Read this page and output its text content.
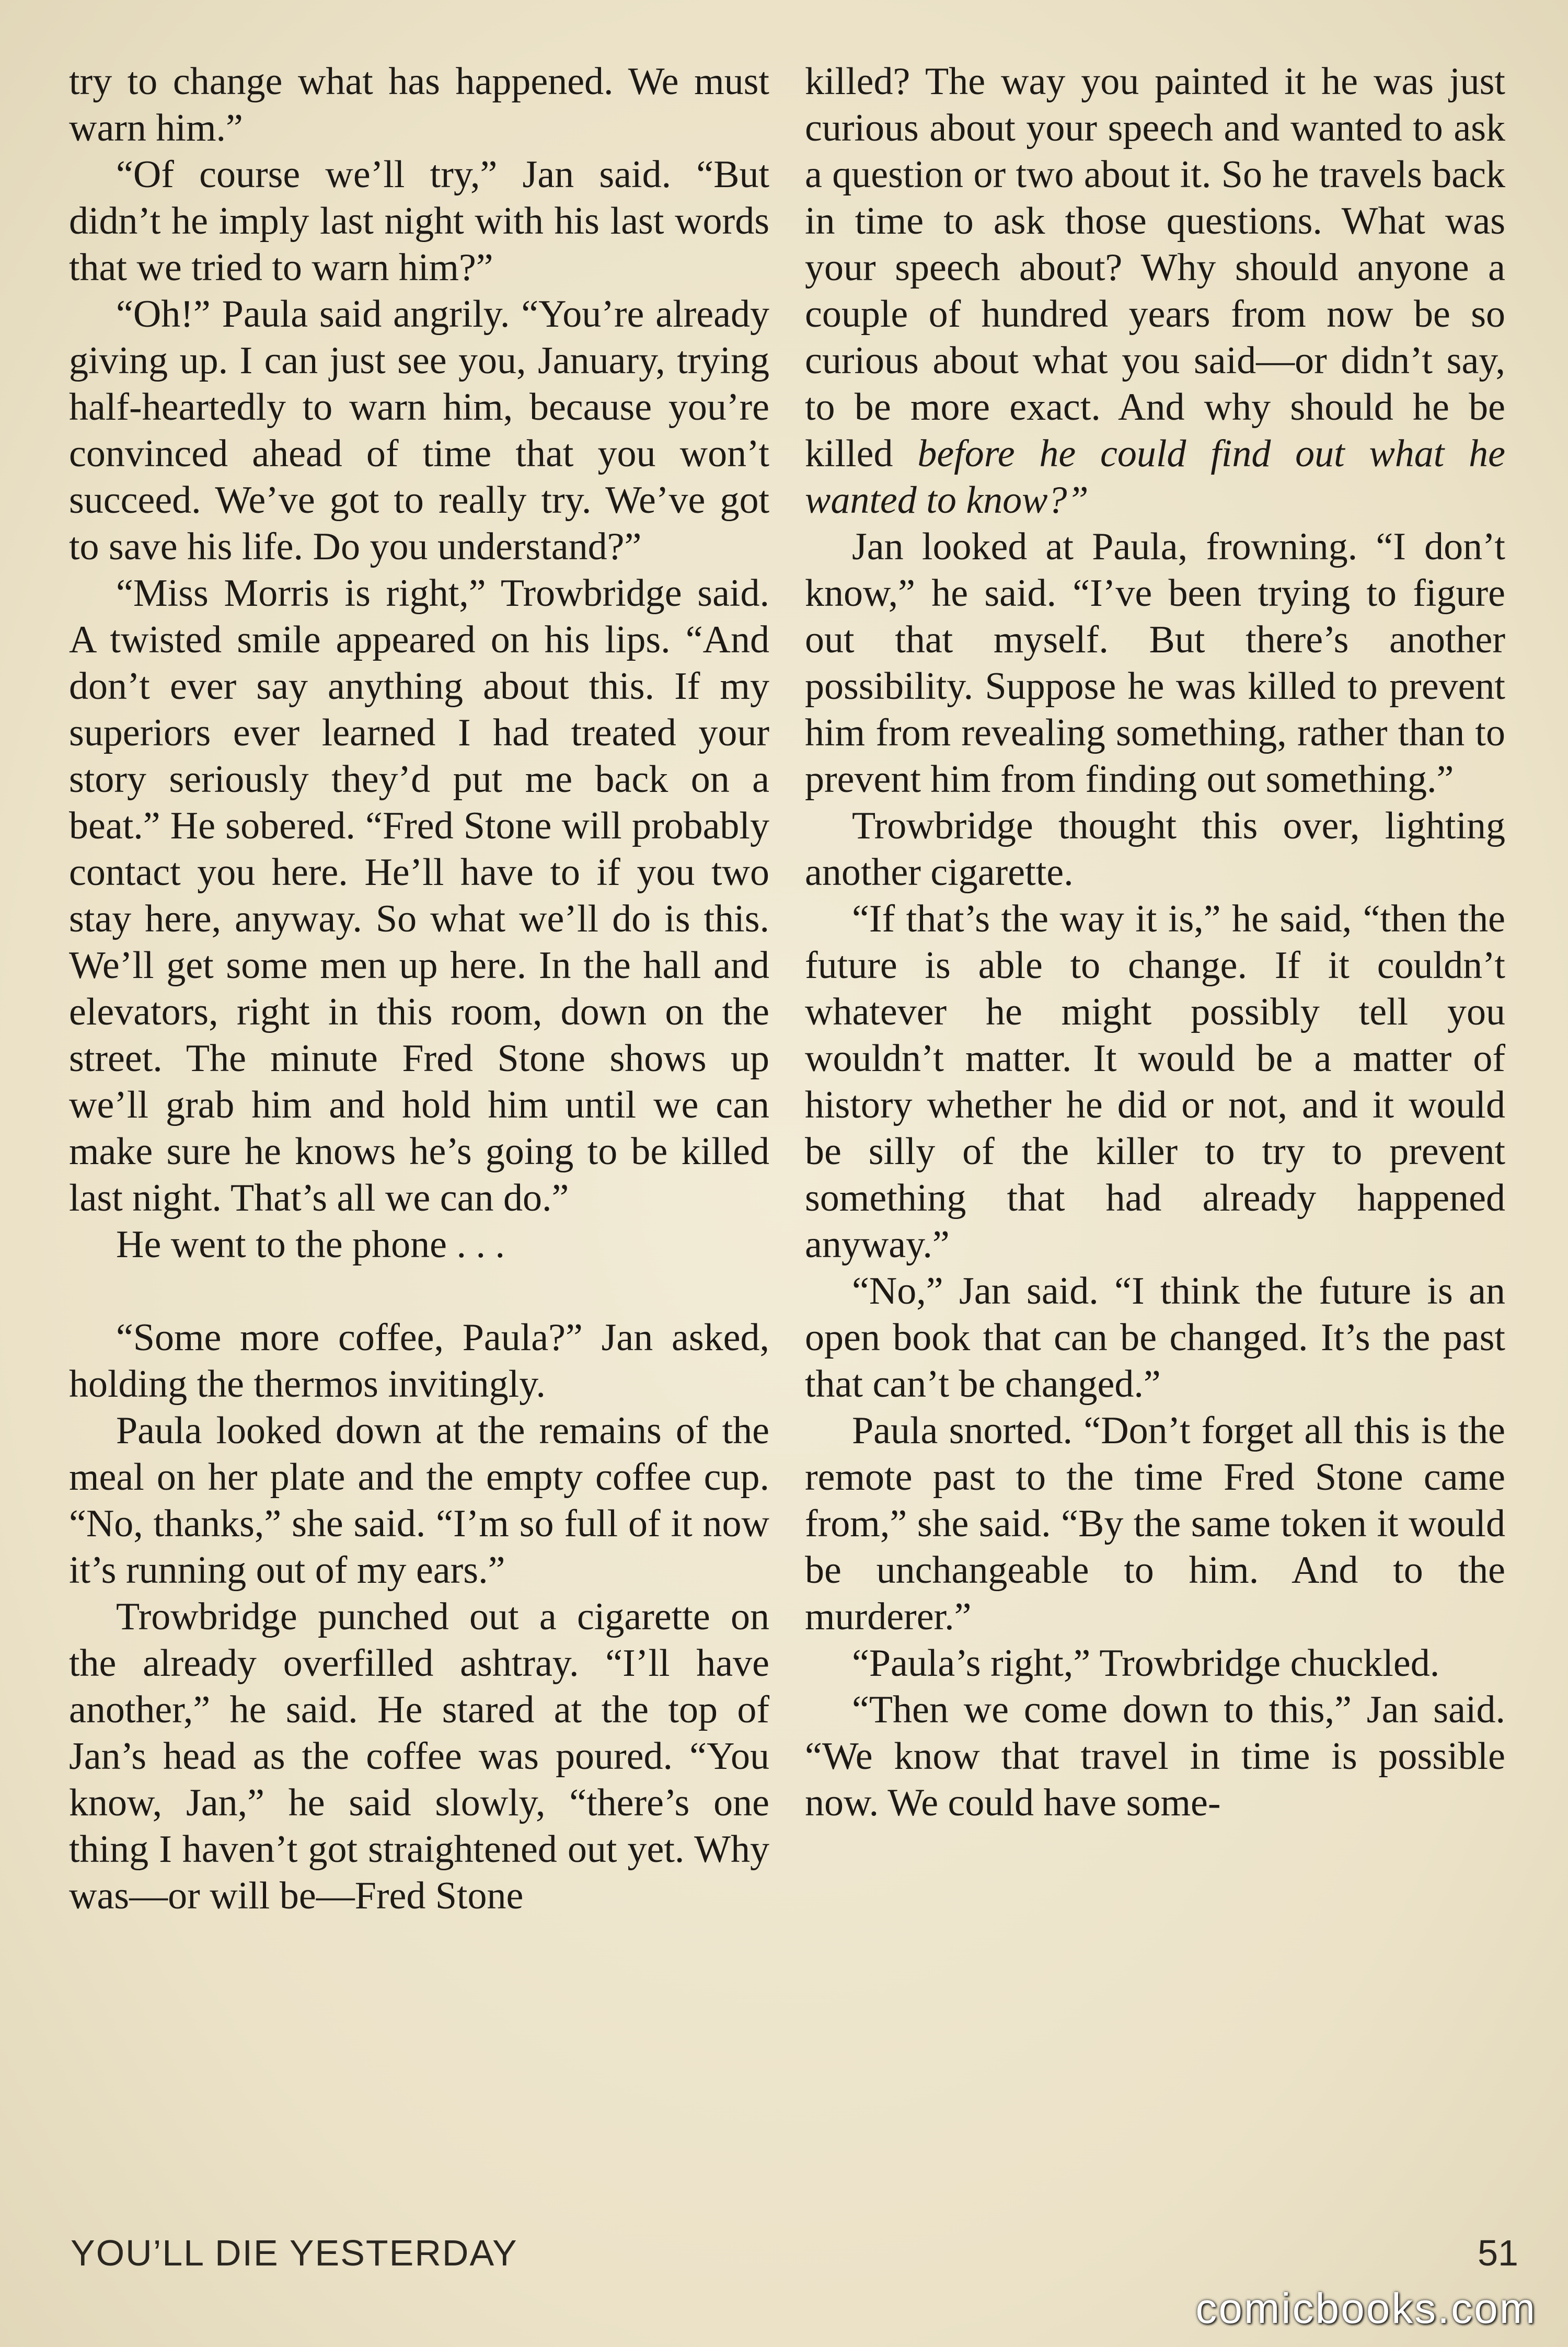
try to change what has happened. We must warn him.”

“Of course we’ll try,” Jan said. “But didn’t he imply last night with his last words that we tried to warn him?”

“Oh!” Paula said angrily. “You’re already giving up. I can just see you, January, trying half-heartedly to warn him, because you’re convinced ahead of time that you won’t succeed. We’ve got to really try. We’ve got to save his life. Do you understand?”

“Miss Morris is right,” Trowbridge said. A twisted smile appeared on his lips. “And don’t ever say anything about this. If my superiors ever learned I had treated your story seriously they’d put me back on a beat.” He sobered. “Fred Stone will probably contact you here. He’ll have to if you two stay here, anyway. So what we’ll do is this. We’ll get some men up here. In the hall and elevators, right in this room, down on the street. The minute Fred Stone shows up we’ll grab him and hold him until we can make sure he knows he’s going to be killed last night. That’s all we can do.”

He went to the phone . . .

“Some more coffee, Paula?” Jan asked, holding the thermos invitingly.

Paula looked down at the remains of the meal on her plate and the empty coffee cup. “No, thanks,” she said. “I’m so full of it now it’s running out of my ears.”

Trowbridge punched out a cigarette on the already overfilled ashtray. “I’ll have another,” he said. He stared at the top of Jan’s head as the coffee was poured. “You know, Jan,” he said slowly, “there’s one thing I haven’t got straightened out yet. Why was—or will be—Fred Stone

killed? The way you painted it he was just curious about your speech and wanted to ask a question or two about it. So he travels back in time to ask those questions. What was your speech about? Why should anyone a couple of hundred years from now be so curious about what you said—or didn’t say, to be more exact. And why should he be killed before he could find out what he wanted to know?”

Jan looked at Paula, frowning. “I don’t know,” he said. “I’ve been trying to figure out that myself. But there’s another possibility. Suppose he was killed to prevent him from revealing something, rather than to prevent him from finding out something.”

Trowbridge thought this over, lighting another cigarette.

“If that’s the way it is,” he said, “then the future is able to change. If it couldn’t whatever he might possibly tell you wouldn’t matter. It would be a matter of history whether he did or not, and it would be silly of the killer to try to prevent something that had already happened anyway.”

“No,” Jan said. “I think the future is an open book that can be changed. It’s the past that can’t be changed.”

Paula snorted. “Don’t forget all this is the remote past to the time Fred Stone came from,” she said. “By the same token it would be unchangeable to him. And to the murderer.”

“Paula’s right,” Trowbridge chuckled.

“Then we come down to this,” Jan said. “We know that travel in time is possible now. We could have some-

YOU’LL DIE YESTERDAY	51
comicbooks.com
